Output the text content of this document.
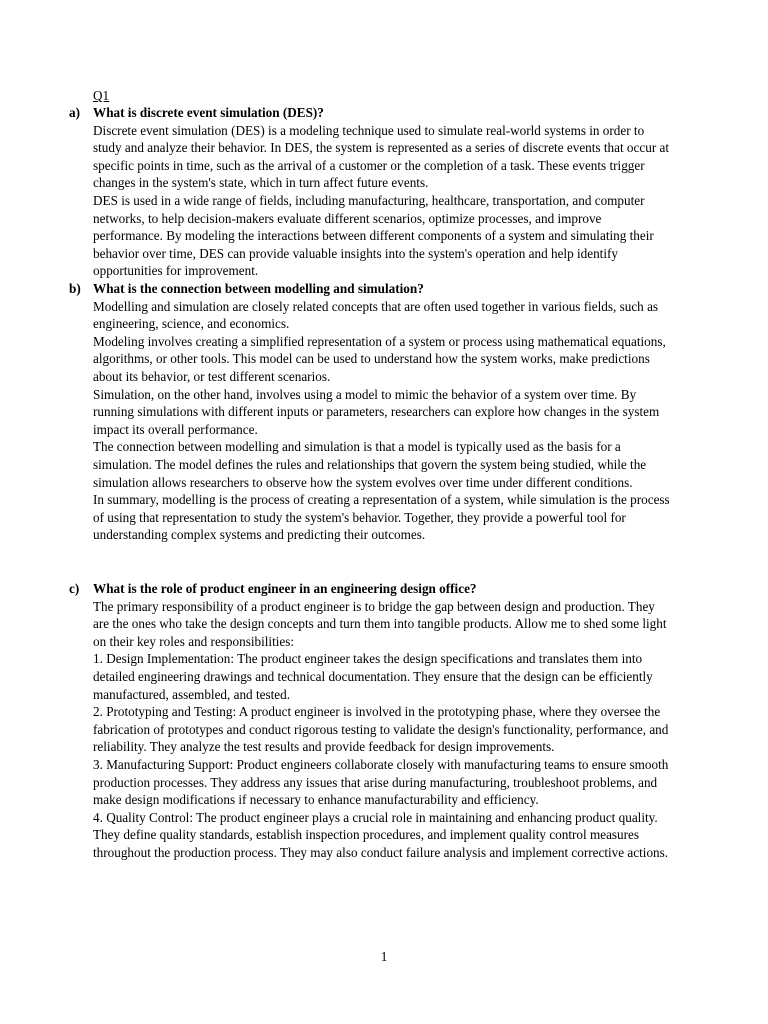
Q1
a) What is discrete event simulation (DES)?

Discrete event simulation (DES) is a modeling technique used to simulate real-world systems in order to study and analyze their behavior. In DES, the system is represented as a series of discrete events that occur at specific points in time, such as the arrival of a customer or the completion of a task. These events trigger changes in the system's state, which in turn affect future events.

DES is used in a wide range of fields, including manufacturing, healthcare, transportation, and computer networks, to help decision-makers evaluate different scenarios, optimize processes, and improve performance. By modeling the interactions between different components of a system and simulating their behavior over time, DES can provide valuable insights into the system's operation and help identify opportunities for improvement.

b) What is the connection between modelling and simulation?

Modelling and simulation are closely related concepts that are often used together in various fields, such as engineering, science, and economics.

Modeling involves creating a simplified representation of a system or process using mathematical equations, algorithms, or other tools. This model can be used to understand how the system works, make predictions about its behavior, or test different scenarios.

Simulation, on the other hand, involves using a model to mimic the behavior of a system over time. By running simulations with different inputs or parameters, researchers can explore how changes in the system impact its overall performance.

The connection between modelling and simulation is that a model is typically used as the basis for a simulation. The model defines the rules and relationships that govern the system being studied, while the simulation allows researchers to observe how the system evolves over time under different conditions.

In summary, modelling is the process of creating a representation of a system, while simulation is the process of using that representation to study the system's behavior. Together, they provide a powerful tool for understanding complex systems and predicting their outcomes.

c) What is the role of product engineer in an engineering design office?

The primary responsibility of a product engineer is to bridge the gap between design and production. They are the ones who take the design concepts and turn them into tangible products. Allow me to shed some light on their key roles and responsibilities:

1. Design Implementation: The product engineer takes the design specifications and translates them into detailed engineering drawings and technical documentation. They ensure that the design can be efficiently manufactured, assembled, and tested.

2. Prototyping and Testing: A product engineer is involved in the prototyping phase, where they oversee the fabrication of prototypes and conduct rigorous testing to validate the design's functionality, performance, and reliability. They analyze the test results and provide feedback for design improvements.

3. Manufacturing Support: Product engineers collaborate closely with manufacturing teams to ensure smooth production processes. They address any issues that arise during manufacturing, troubleshoot problems, and make design modifications if necessary to enhance manufacturability and efficiency.

4. Quality Control: The product engineer plays a crucial role in maintaining and enhancing product quality. They define quality standards, establish inspection procedures, and implement quality control measures throughout the production process. They may also conduct failure analysis and implement corrective actions.

1
